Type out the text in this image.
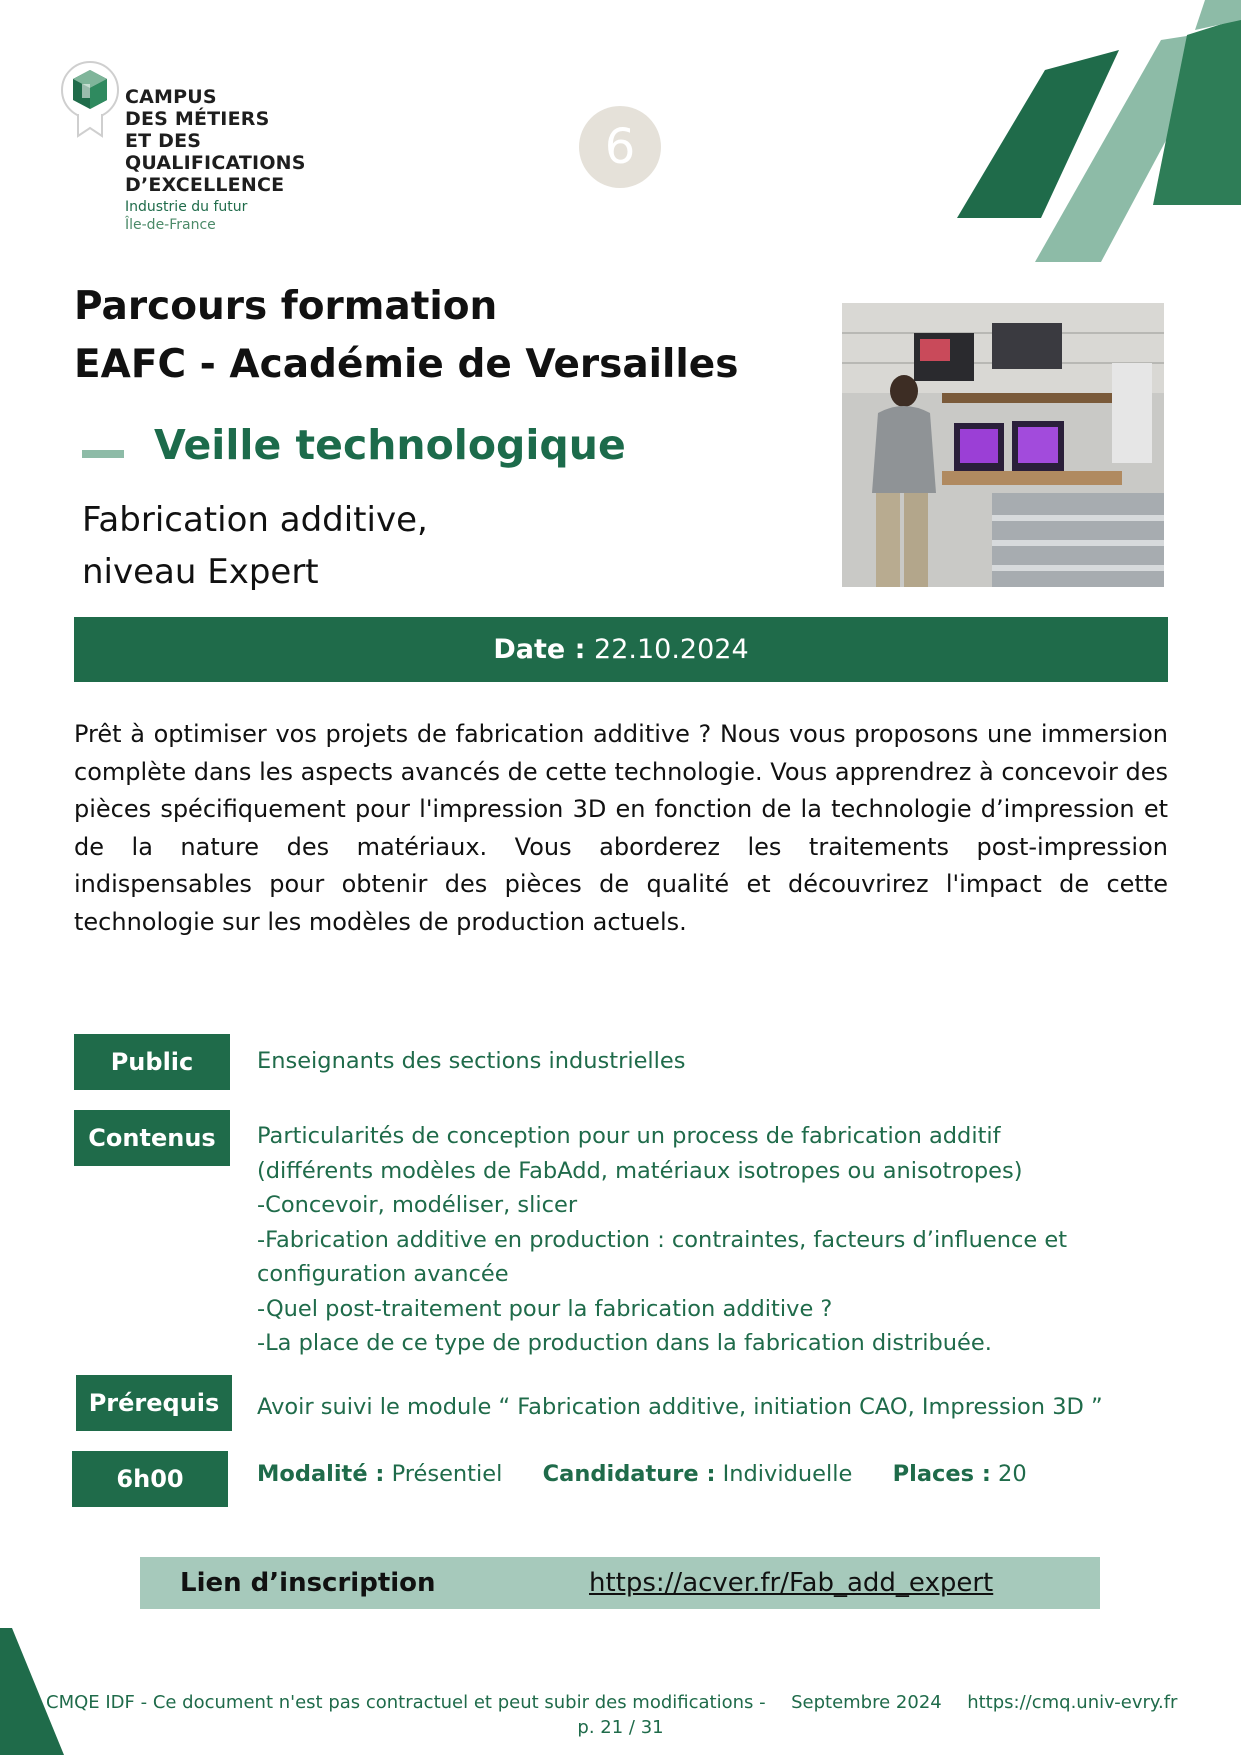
CAMPUS
DES MÉTIERS
ET DES
QUALIFICATIONS
D’EXCELLENCE
Industrie du futur
Île-de-France
6
Parcours formation
EAFC - Académie de Versailles
Veille technologique
Fabrication additive,
niveau Expert
Date : 22.10.2024
Prêt à optimiser vos projets de fabrication additive ? Nous vous proposons une immersion complète dans les aspects avancés de cette technologie. Vous apprendrez à concevoir des pièces spécifiquement pour l'impression 3D en fonction de la technologie d’impression et de la nature des matériaux. Vous aborderez les traitements post-impression indispensables pour obtenir des pièces de qualité et découvrirez l'impact de cette technologie sur les modèles de production actuels.
Public	Enseignants des sections industrielles
Contenus	Particularités de conception pour un process de fabrication additif
(différents modèles de FabAdd, matériaux isotropes ou anisotropes)
-Concevoir, modéliser, slicer
-Fabrication additive en production : contraintes, facteurs d’influence et
configuration avancée
-Quel post-traitement pour la fabrication additive ?
-La place de ce type de production dans la fabrication distribuée.
Prérequis	Avoir suivi le module “ Fabrication additive, initiation CAO, Impression 3D ”
6h00	Modalité : Présentiel Candidature : Individuelle Places : 20
Lien d’inscription	https://acver.fr/Fab_add_expert
CMQE IDF - Ce document n'est pas contractuel et peut subir des modifications - Septembre 2024 https://cmq.univ-evry.fr
p. 21 / 31
